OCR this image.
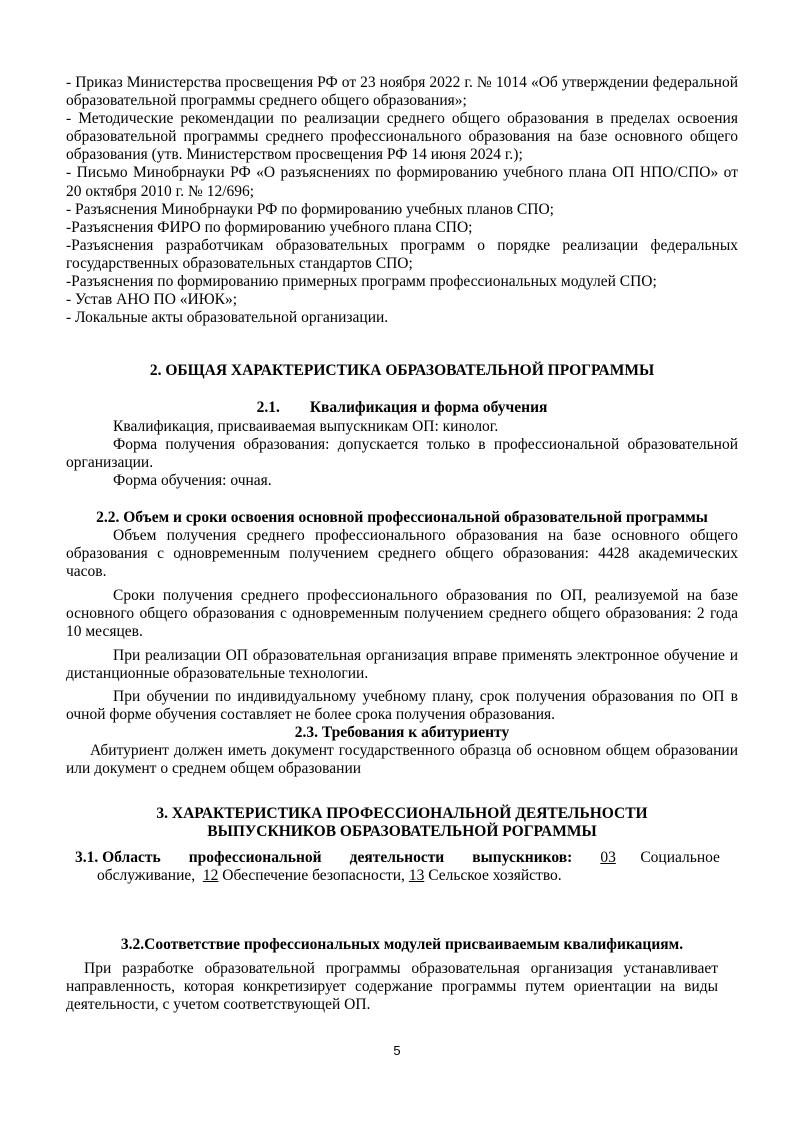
- Приказ Министерства просвещения РФ от 23 ноября 2022 г. № 1014 «Об утверждении федеральной образовательной программы среднего общего образования»;

- Методические рекомендации по реализации среднего общего образования в пределах освоения образовательной программы среднего профессионального образования на базе основного общего образования (утв. Министерством просвещения РФ 14 июня 2024 г.);

- Письмо Минобрнауки РФ «О разъяснениях по формированию учебного плана ОП НПО/СПО» от 20 октября 2010 г. № 12/696;

- Разъяснения Минобрнауки РФ по формированию учебных планов СПО;

-Разъяснения ФИРО по формированию учебного плана СПО;

-Разъяснения разработчикам образовательных программ о порядке реализации федеральных государственных образовательных стандартов СПО;

-Разъяснения по формированию примерных программ профессиональных модулей СПО;

- Устав АНО ПО «ИЮК»;

- Локальные акты образовательной организации.

2. ОБЩАЯ ХАРАКТЕРИСТИКА ОБРАЗОВАТЕЛЬНОЙ ПРОГРАММЫ

2.1. Квалификация и форма обучения

Квалификация, присваиваемая выпускникам ОП: кинолог.

Форма получения образования: допускается только в профессиональной образовательной организации.

Форма обучения: очная.

2.2. Объем и сроки освоения основной профессиональной образовательной программы

Объем получения среднего профессионального образования на базе основного общего образования с одновременным получением среднего общего образования: 4428 академических часов.

Сроки получения среднего профессионального образования по ОП, реализуемой на базе основного общего образования с одновременным получением среднего общего образования: 2 года 10 месяцев.

При реализации ОП образовательная организация вправе применять электронное обучение и дистанционные образовательные технологии.

При обучении по индивидуальному учебному плану, срок получения образования по ОП в очной форме обучения составляет не более срока получения образования.

2.3. Требования к абитуриенту

Абитуриент должен иметь документ государственного образца об основном общем образовании или документ о среднем общем образовании

3. ХАРАКТЕРИСТИКА ПРОФЕССИОНАЛЬНОЙ ДЕЯТЕЛЬНОСТИ

ВЫПУСКНИКОВ ОБРАЗОВАТЕЛЬНОЙ РОГРАММЫ

3.1. Область профессиональной деятельности выпускников: 03 Социальное

обслуживание, 12 Обеспечение безопасности, 13 Сельское хозяйство.

3.2.Соответствие профессиональных модулей присваиваемым квалификациям.

При разработке образовательной программы образовательная организация устанавливает направленность, которая конкретизирует содержание программы путем ориентации на виды деятельности, с учетом соответствующей ОП.

5
